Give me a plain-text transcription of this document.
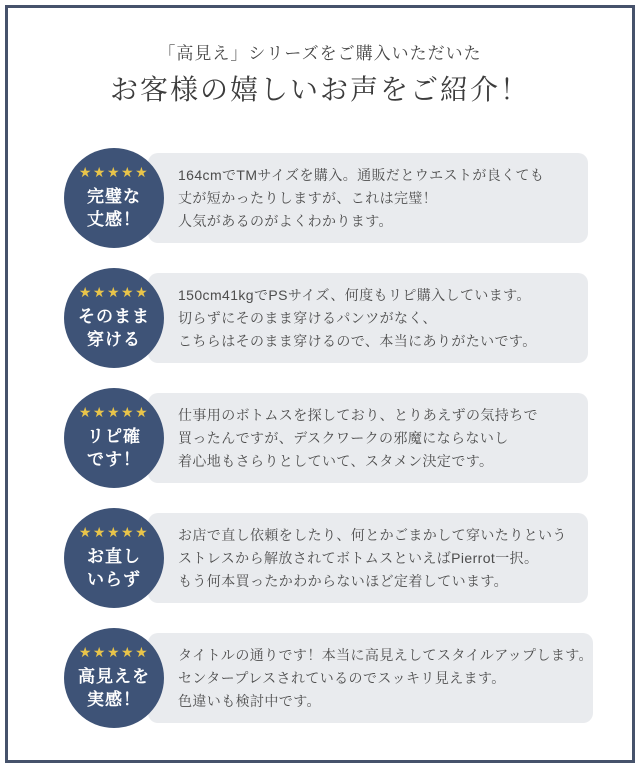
「高見え」シリーズをご購入いただいた
お客様の嬉しいお声をご紹介！
★★★★★
完璧な
丈感！
164cmでTMサイズを購入。通販だとウエストが良くても
丈が短かったりしますが、これは完璧！
人気があるのがよくわかります。
★★★★★
そのまま
穿ける
150cm41kgでPSサイズ、何度もリピ購入しています。
切らずにそのまま穿けるパンツがなく、
こちらはそのまま穿けるので、本当にありがたいです。
★★★★★
リピ確
です！
仕事用のボトムスを探しており、とりあえずの気持ちで
買ったんですが、デスクワークの邪魔にならないし
着心地もさらりとしていて、スタメン決定です。
★★★★★
お直し
いらず
お店で直し依頼をしたり、何とかごまかして穿いたりという
ストレスから解放されてボトムスといえばPierrot一択。
もう何本買ったかわからないほど定着しています。
★★★★★
高見えを
実感！
タイトルの通りです！本当に高見えしてスタイルアップします。
センタープレスされているのでスッキリ見えます。
色違いも検討中です。
